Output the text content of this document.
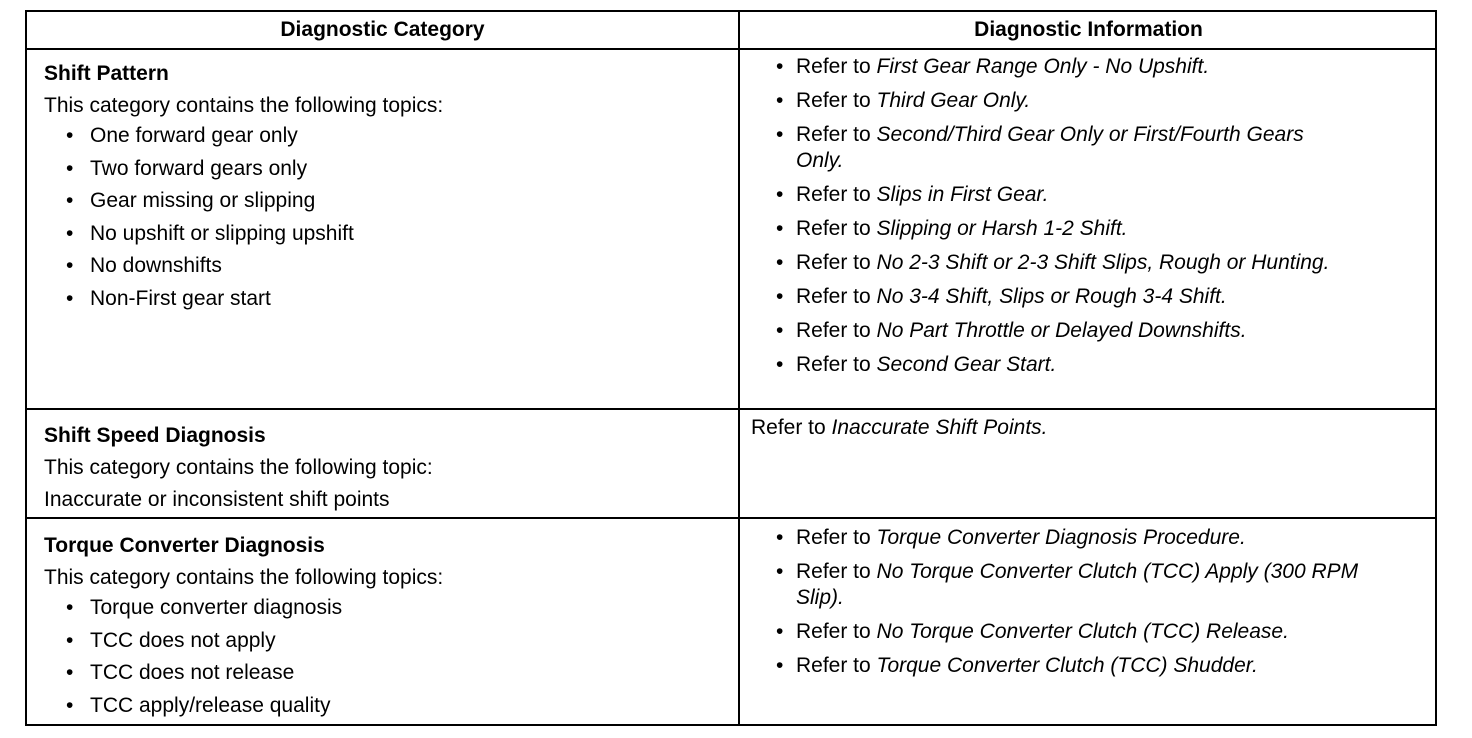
Diagnostic Category	Diagnostic Information
Shift Pattern
This category contains the following topics:
• One forward gear only
• Two forward gears only
• Gear missing or slipping
• No upshift or slipping upshift
• No downshifts
• Non-First gear start
• Refer to First Gear Range Only - No Upshift.
• Refer to Third Gear Only.
• Refer to Second/Third Gear Only or First/Fourth Gears Only.
• Refer to Slips in First Gear.
• Refer to Slipping or Harsh 1-2 Shift.
• Refer to No 2-3 Shift or 2-3 Shift Slips, Rough or Hunting.
• Refer to No 3-4 Shift, Slips or Rough 3-4 Shift.
• Refer to No Part Throttle or Delayed Downshifts.
• Refer to Second Gear Start.
Shift Speed Diagnosis
This category contains the following topic:
Inaccurate or inconsistent shift points
Refer to Inaccurate Shift Points.
Torque Converter Diagnosis
This category contains the following topics:
• Torque converter diagnosis
• TCC does not apply
• TCC does not release
• TCC apply/release quality
• Refer to Torque Converter Diagnosis Procedure.
• Refer to No Torque Converter Clutch (TCC) Apply (300 RPM Slip).
• Refer to No Torque Converter Clutch (TCC) Release.
• Refer to Torque Converter Clutch (TCC) Shudder.
